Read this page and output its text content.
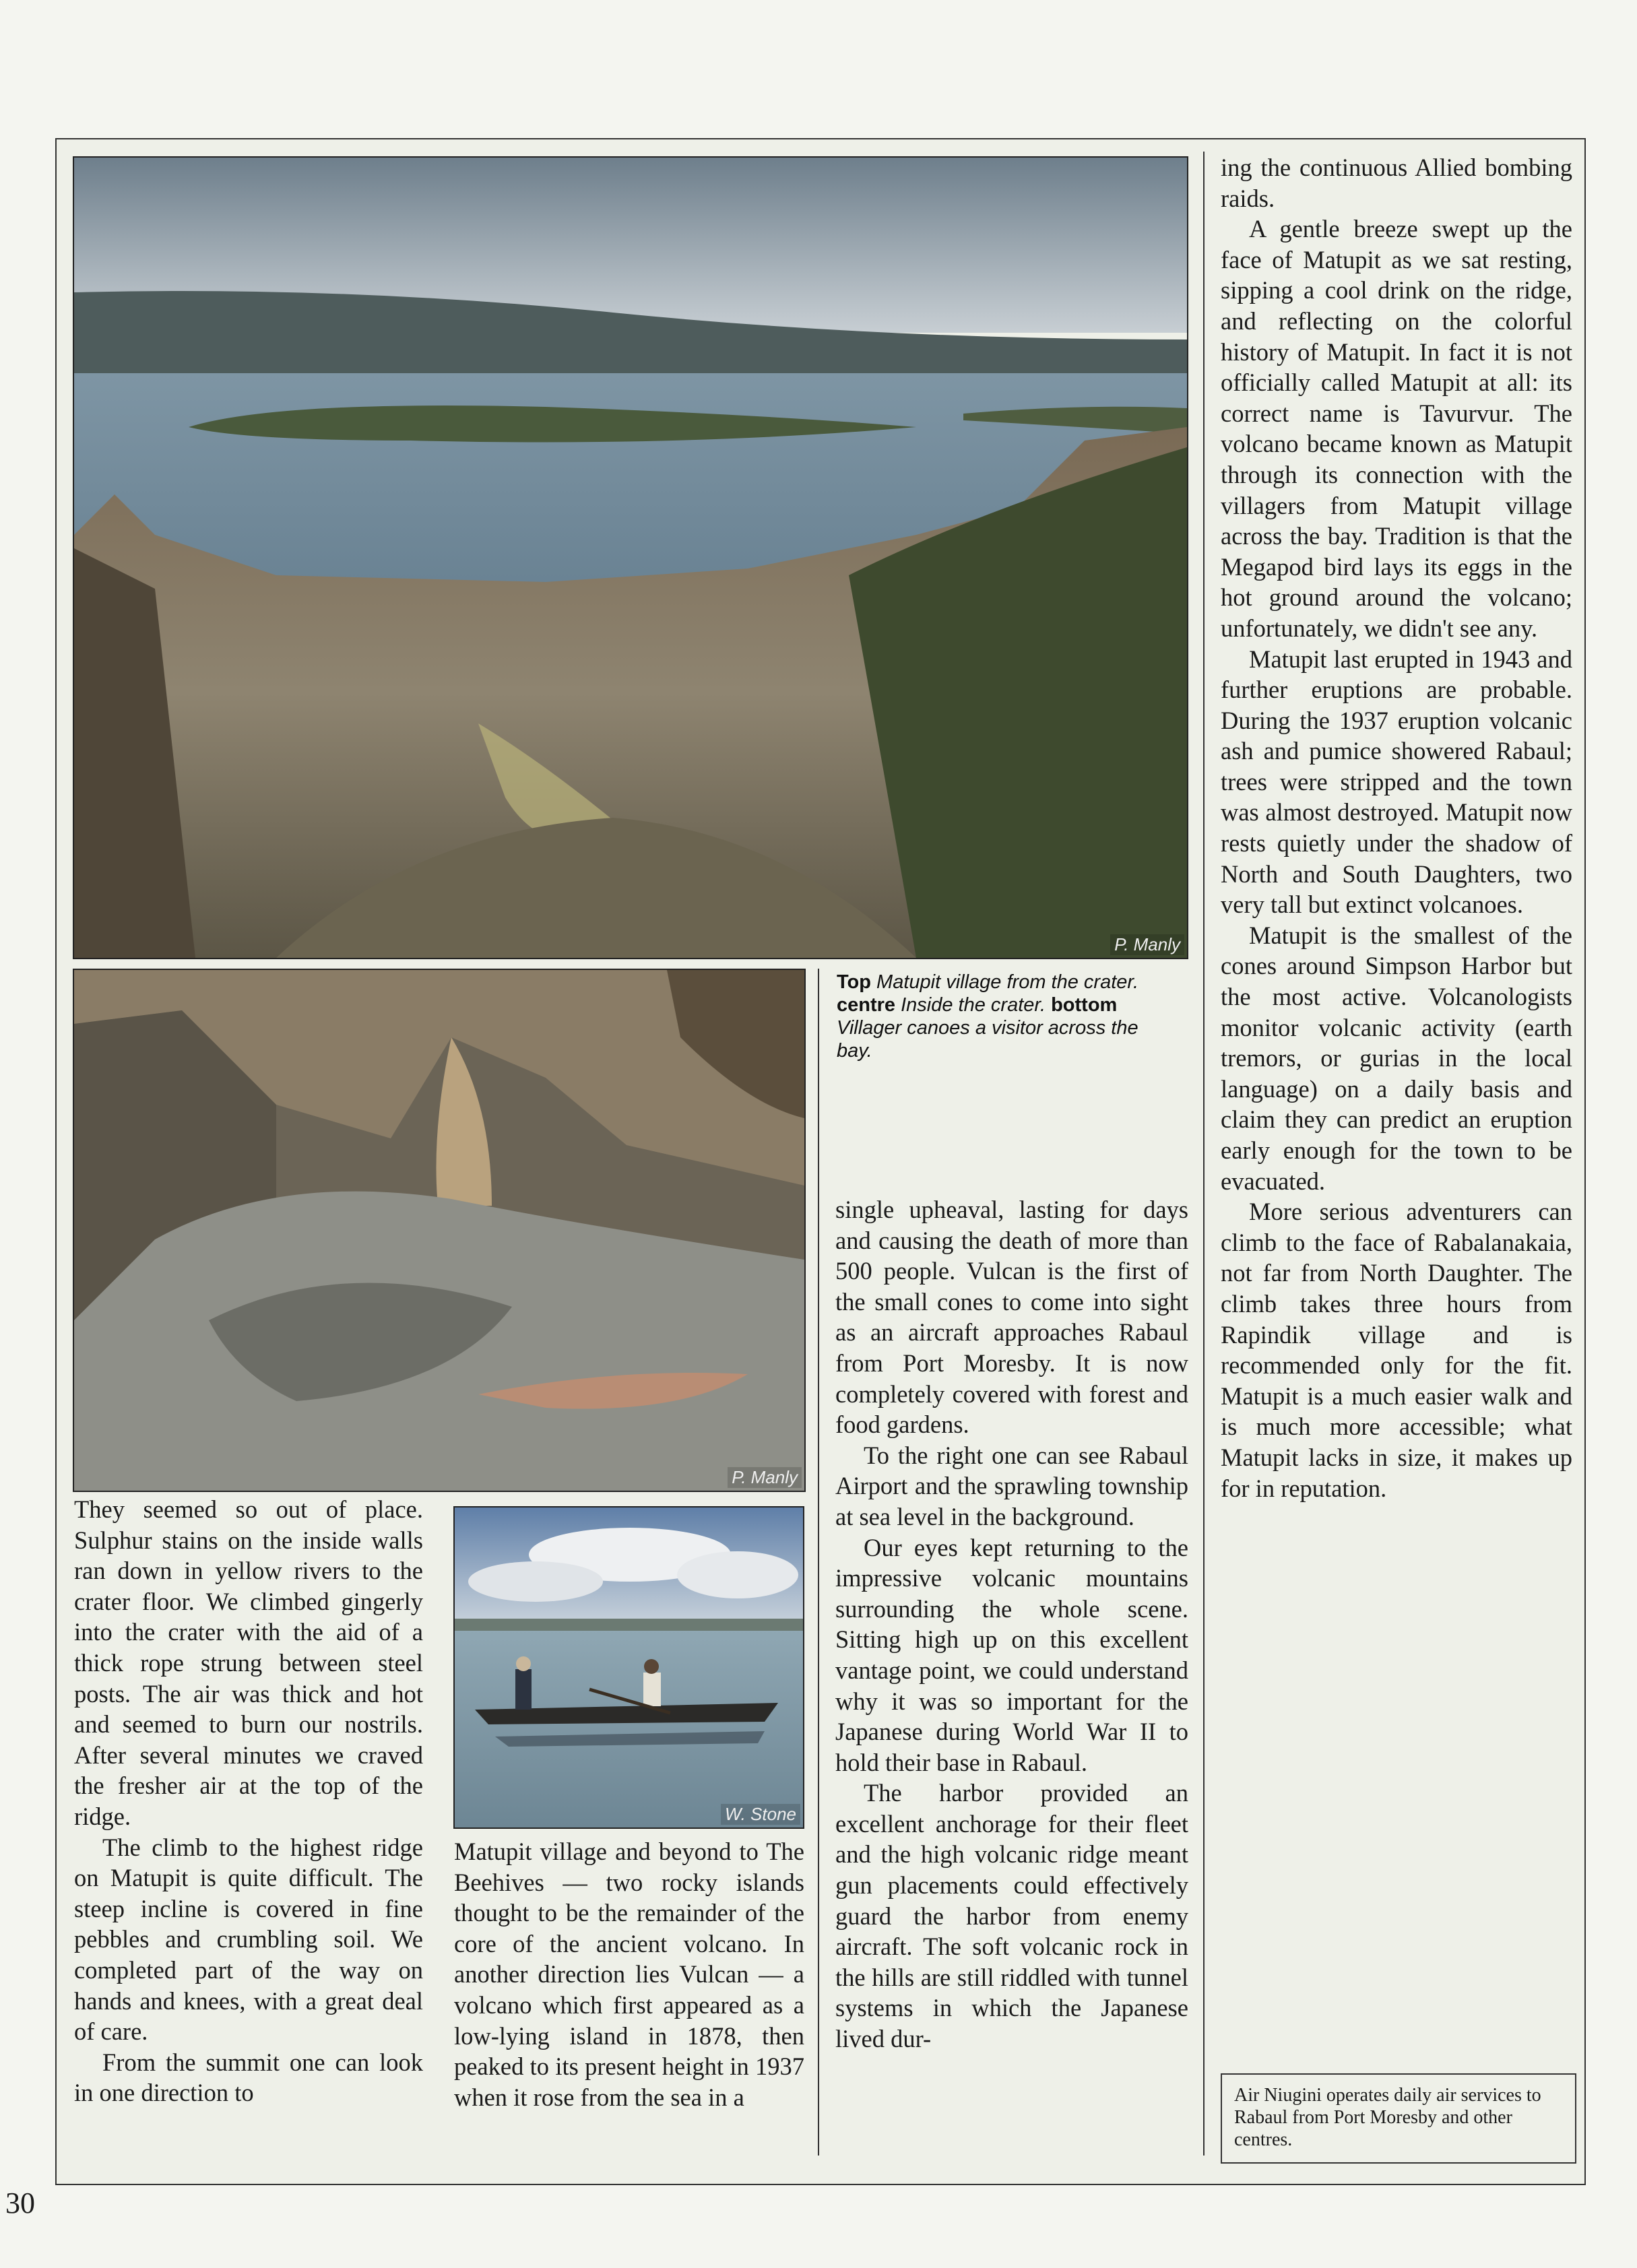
P. Manly
P. Manly
W. Stone
Top Matupit village from the crater. centre Inside the crater. bottom Villager canoes a visitor across the bay.

They seemed so out of place. Sulphur stains on the inside walls ran down in yellow rivers to the crater floor. We climbed gingerly into the crater with the aid of a thick rope strung between steel posts. The air was thick and hot and seemed to burn our nostrils. After several minutes we craved the fresher air at the top of the ridge.

The climb to the highest ridge on Matupit is quite difficult. The steep incline is covered in fine pebbles and crumbling soil. We completed part of the way on hands and knees, with a great deal of care.

From the summit one can look in one direction to

Matupit village and beyond to The Beehives — two rocky islands thought to be the remainder of the core of the ancient volcano. In another direction lies Vulcan — a volcano which first appeared as a low-lying island in 1878, then peaked to its present height in 1937 when it rose from the sea in a

single upheaval, lasting for days and causing the death of more than 500 people. Vulcan is the first of the small cones to come into sight as an aircraft approaches Rabaul from Port Moresby. It is now completely covered with forest and food gardens.

To the right one can see Rabaul Airport and the sprawling township at sea level in the background.

Our eyes kept returning to the impressive volcanic mountains surrounding the whole scene. Sitting high up on this excellent vantage point, we could understand why it was so important for the Japanese during World War II to hold their base in Rabaul.

The harbor provided an excellent anchorage for their fleet and the high volcanic ridge meant gun placements could effectively guard the harbor from enemy aircraft. The soft volcanic rock in the hills are still riddled with tunnel systems in which the Japanese lived dur-

ing the continuous Allied bombing raids.

A gentle breeze swept up the face of Matupit as we sat resting, sipping a cool drink on the ridge, and reflecting on the colorful history of Matupit. In fact it is not officially called Matupit at all: its correct name is Tavurvur. The volcano became known as Matupit through its connection with the villagers from Matupit village across the bay. Tradition is that the Megapod bird lays its eggs in the hot ground around the volcano; unfortunately, we didn't see any.

Matupit last erupted in 1943 and further eruptions are probable. During the 1937 eruption volcanic ash and pumice showered Rabaul; trees were stripped and the town was almost destroyed. Matupit now rests quietly under the shadow of North and South Daughters, two very tall but extinct volcanoes.

Matupit is the smallest of the cones around Simpson Harbor but the most active. Volcanologists monitor volcanic activity (earth tremors, or gurias in the local language) on a daily basis and claim they can predict an eruption early enough for the town to be evacuated.

More serious adventurers can climb to the face of Rabalanakaia, not far from North Daughter. The climb takes three hours from Rapindik village and is recommended only for the fit. Matupit is a much easier walk and is much more accessible; what Matupit lacks in size, it makes up for in reputation.

Air Niugini operates daily air services to Rabaul from Port Moresby and other centres.
30
